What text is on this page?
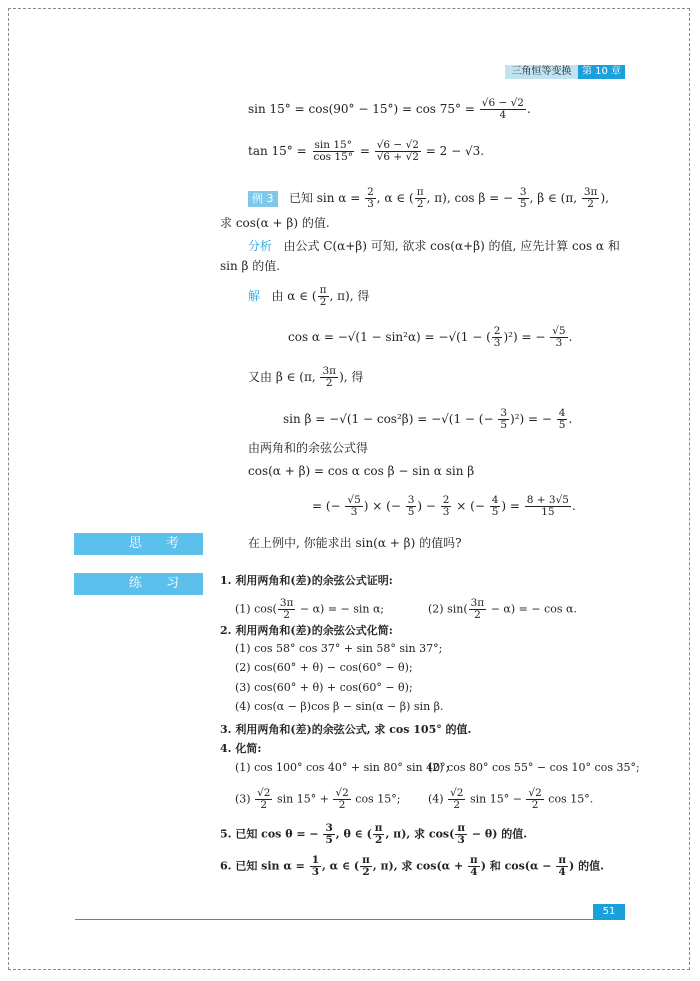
三角恒等变换	第 10 章
$\sin 15^\circ = \cos(90^\circ - 15^\circ) = \cos 75^\circ = \frac{√6 - √2}{4}$ .
$\tan 15^\circ = \frac{\sin 15^\circ}{\cos 15^\circ} = \frac{√6 - √2}{√6 + √2} = 2 - √3$.
例 3 已知 $\sin \alpha = \frac{2}{3}$ , α ∈ ( $\frac{\pi}{2}$ , π), cos β = − $\frac{3}{5}$ , β ∈ (π, $\frac{3\pi}{2}$ ),
求 cos(α + β) 的值.
分析 由公式 C(α+β) 可知, 欲求 cos(α+β) 的值, 应先计算 cos α 和
sin β 的值.
解 由 α ∈ ( $\frac{\pi}{2}$ , π), 得
cos α = −√(1 − sin²α) = −√(1 − ( $\frac{2}{3} )^2$) = − $\frac{√5}{3}$ .
又由 β ∈ (π, $\frac{3\pi}{2}$ ), 得
sin β = −√(1 − cos²β) = −√(1 − (− $\frac{3}{5} )^2$) = − $\frac{4}{5}$ .
由两角和的余弦公式得
cos(α + β) = cos α cos β − sin α sin β
= (− $\frac{√5}{3}$ ) × (− $\frac{3}{5}$ ) − $\frac{2}{3}$ × (− $\frac{4}{5}$ ) = $\frac{8 + 3√5}{15}$ .
思 考	在上例中, 你能求出 sin(α + β) 的值吗?
练 习	1. 利用两角和(差)的余弦公式证明:
(1) $\cos( \frac{3\pi}{2} - \alpha)$ = − sin α;	(2) $\sin( \frac{3\pi}{2} - \alpha)$ = − cos α.
2. 利用两角和(差)的余弦公式化简:
(1) cos 58° cos 37° + sin 58° sin 37°;
(2) cos(60° + θ) − cos(60° − θ);
(3) cos(60° + θ) + cos(60° − θ);
(4) cos(α − β)cos β − sin(α − β) sin β.
3. 利用两角和(差)的余弦公式, 求 cos 105° 的值.
4. 化简:
(1) cos 100° cos 40° + sin 80° sin 40°;
(2) cos 80° cos 55° − cos 10° cos 35°;
$(3) \frac{√2}{2}$ $\sin 15^\circ + \frac{√2}{2}$ cos 15°;	$(4) \frac{√2}{2}$ $\sin 15^\circ - \frac{√2}{2}$ cos 15°.
5. 已知 cos θ = − $\frac{3}{5}$ , θ ∈ ( $\frac{\pi}{2}$ , π), 求 $\cos( \frac{\pi}{3} - \theta)$ 的值.
6. 已知 $\sin \alpha = \frac{1}{3}$ , α ∈ ( $\frac{\pi}{2}$ , π), 求 $\cos(\alpha + \frac{\pi}{4}$ ) 和 $\cos(\alpha - \frac{\pi}{4}$ ) 的值.
51
